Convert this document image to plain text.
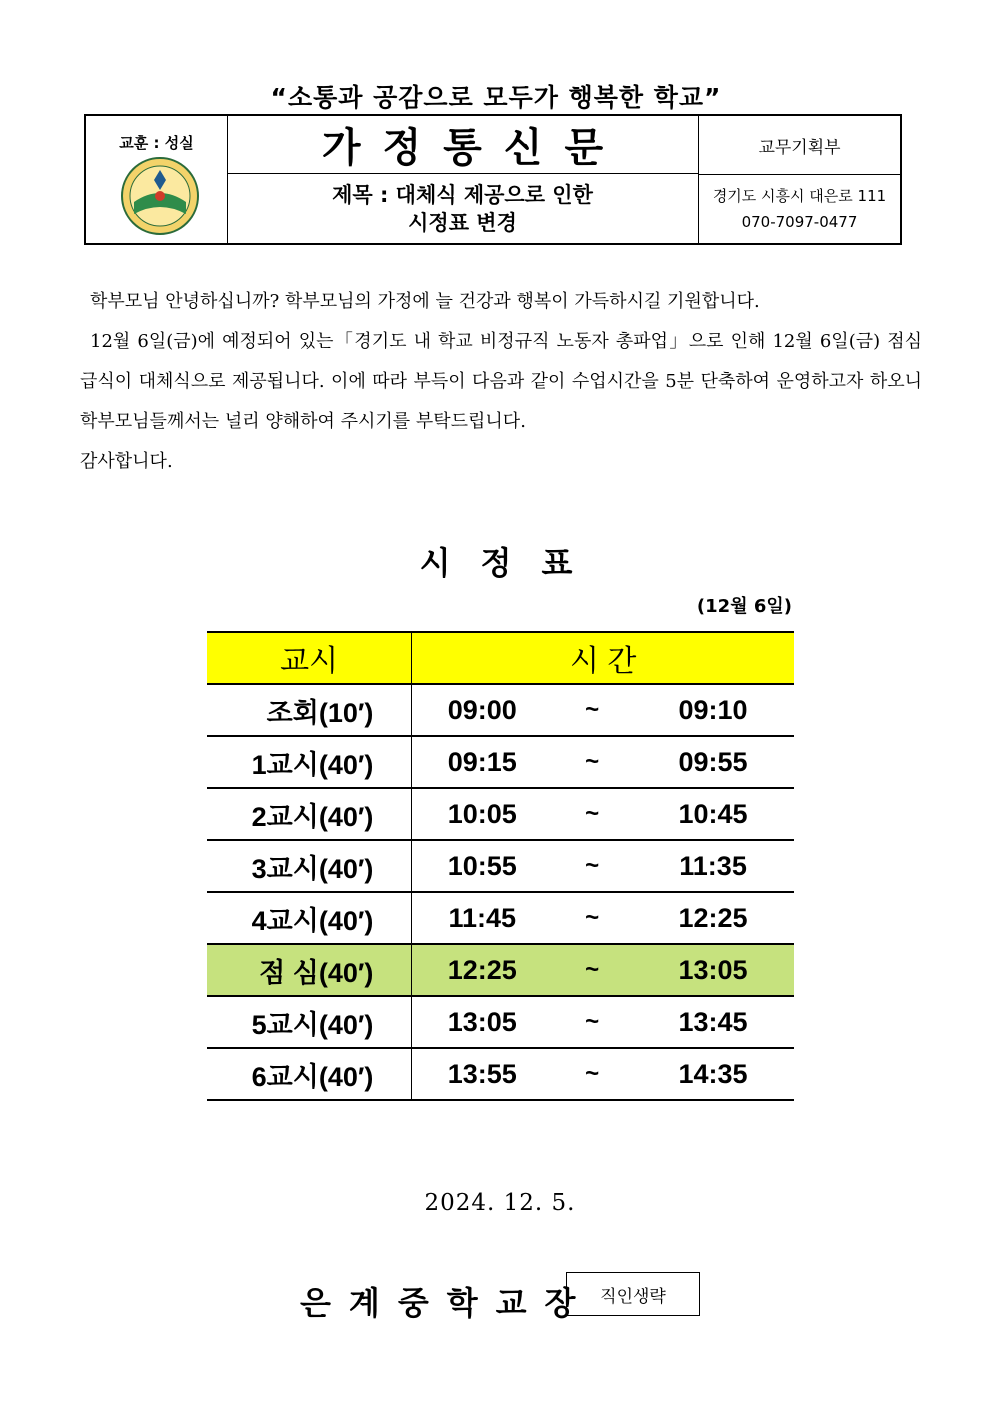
“소통과 공감으로 모두가 행복한 학교”
교훈 : 성실	가정통신문
제목 : 대체식 제공으로 인한
시정표 변경
교무기획부
경기도 시흥시 대은로 111
070-7097-0477

학부모님 안녕하십니까? 학부모님의 가정에 늘 건강과 행복이 가득하시길 기원합니다.

12월 6일(금)에 예정되어 있는「경기도 내 학교 비정규직 노동자 총파업」으로 인해 12월 6일(금) 점심 급식이 대체식으로 제공됩니다. 이에 따라 부득이 다음과 같이 수업시간을 5분 단축하여 운영하고자 하오니 학부모님들께서는 널리 양해하여 주시기를 부탁드립니다.

감사합니다.

시정표
(12월 6일)
교시	시 간		
조회(10′)	09:00	~	09:10
1교시(40′)	09:15	~	09:55
2교시(40′)	10:05	~	10:45
3교시(40′)	10:55	~	11:35
4교시(40′)	11:45	~	12:25
점 심(40′)	12:25	~	13:05
5교시(40′)	13:05	~	13:45
6교시(40′)	13:55	~	14:35
2024. 12. 5.
은계중학교장 직인생략
